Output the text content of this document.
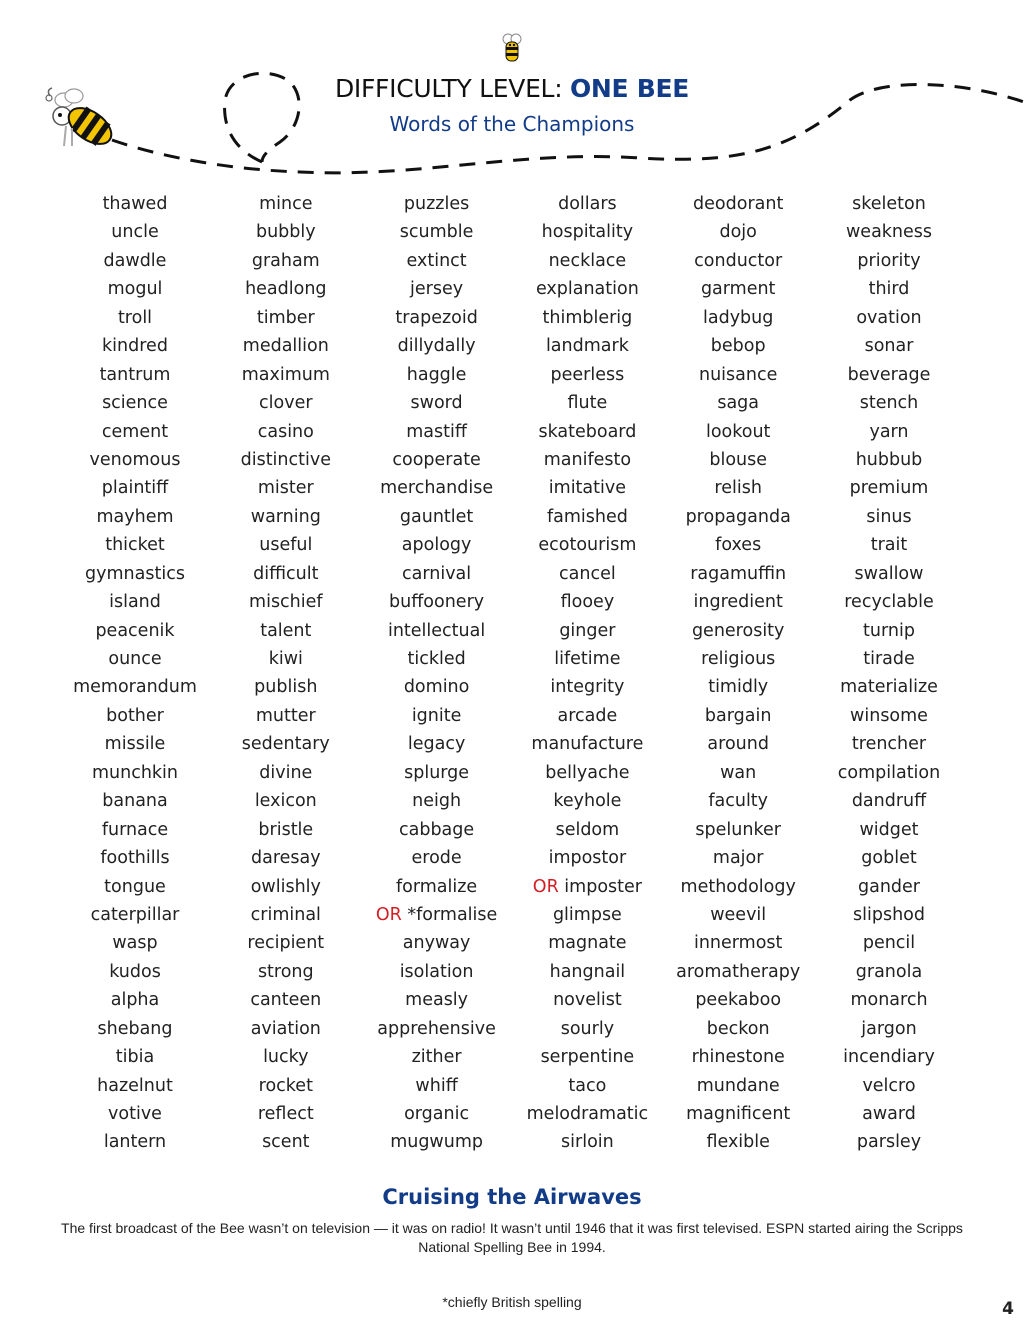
DIFFICULTY LEVEL: ONE BEE
Words of the Champions
thawed
uncle
dawdle
mogul
troll
kindred
tantrum
science
cement
venomous
plaintiff
mayhem
thicket
gymnastics
island
peacenik
ounce
memorandum
bother
missile
munchkin
banana
furnace
foothills
tongue
caterpillar
wasp
kudos
alpha
shebang
tibia
hazelnut
votive
lantern
mince
bubbly
graham
headlong
timber
medallion
maximum
clover
casino
distinctive
mister
warning
useful
difficult
mischief
talent
kiwi
publish
mutter
sedentary
divine
lexicon
bristle
daresay
owlishly
criminal
recipient
strong
canteen
aviation
lucky
rocket
reflect
scent
puzzles
scumble
extinct
jersey
trapezoid
dillydally
haggle
sword
mastiff
cooperate
merchandise
gauntlet
apology
carnival
buffoonery
intellectual
tickled
domino
ignite
legacy
splurge
neigh
cabbage
erode
formalize
OR *formalise
anyway
isolation
measly
apprehensive
zither
whiff
organic
mugwump
dollars
hospitality
necklace
explanation
thimblerig
landmark
peerless
flute
skateboard
manifesto
imitative
famished
ecotourism
cancel
flooey
ginger
lifetime
integrity
arcade
manufacture
bellyache
keyhole
seldom
impostor
OR imposter
glimpse
magnate
hangnail
novelist
sourly
serpentine
taco
melodramatic
sirloin
deodorant
dojo
conductor
garment
ladybug
bebop
nuisance
saga
lookout
blouse
relish
propaganda
foxes
ragamuffin
ingredient
generosity
religious
timidly
bargain
around
wan
faculty
spelunker
major
methodology
weevil
innermost
aromatherapy
peekaboo
beckon
rhinestone
mundane
magnificent
flexible
skeleton
weakness
priority
third
ovation
sonar
beverage
stench
yarn
hubbub
premium
sinus
trait
swallow
recyclable
turnip
tirade
materialize
winsome
trencher
compilation
dandruff
widget
goblet
gander
slipshod
pencil
granola
monarch
jargon
incendiary
velcro
award
parsley
Cruising the Airwaves
The first broadcast of the Bee wasn’t on television — it was on radio! It wasn’t until 1946 that it was first televised. ESPN started airing the Scripps National Spelling Bee in 1994.
*chiefly British spelling	4
